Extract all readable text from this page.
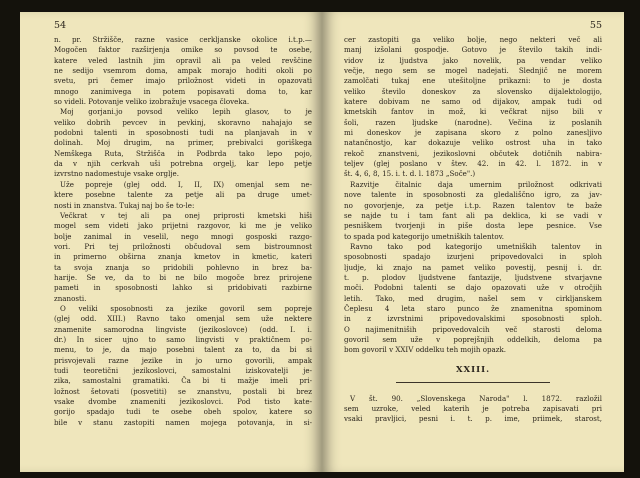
54
n. pr. Stržišče, razne vasice cerkljanske okolice i.t.p.—
Mogočen faktor razširjenja omike so povsod te osebe,
katere veled lastnih jim opravil ali pa veled revščine
ne sedijo vsemrom doma, ampak morajo hoditi okoli po
svetu, pri čemer imajo priložnost videti in opazovati
mnogo zanimivega in potem popisavati doma to, kar
so videli. Potovanje veliko izobražuje vsacega človeka.
Moj gorjani.jo povsod veliko lepih glasov, to je
veliko dobrih pevcev in pevkinj, skoravno nahajajo se
podobni talenti in sposobnosti tudi na planjavah in v
dolinah. Moj drugim, na primer, prebivalci goriškega
Nemškega Ruta, Stržišča in Podbrda tako lepo pojo,
da v njih cerkvah uši potrebna orgelj, kar lepo petje
izvrstno nadomestuje vsake orglje.
Uže popreje (glej odd. I, II, IX) omenjal sem ne-
ktere posebne talente za petje ali pa druge umet-
nosti in znanstva. Tukaj naj bo še to-le:
Večkrat v tej ali pa onej priprosti kmetski hiši
mogel sem videti jako prijetni razgovor, ki me je veliko
bolje zanimal in veselil, nego mnogi gosposki razgo-
vori. Pri tej priložnosti občudoval sem bistroumnost
in primerno obširna znanja kmetov in kmetic, kateri
ta svoja znanja so pridobili pohlevno in brez ba-
harije. Se ve, da to bi ne bilo mogoče brez prirojene
pameti in sposobnosti lahko si pridobivati razbirne
znanosti.
O veliki sposobnosti za jezike govoril sem popreje
(glej odd. XIII.) Ravno tako omenjal sem uže nektere
znamenite samorodna lingviste (jezikoslovce) (odd. I. i.
dr.) In sicer ujno to samo lingvisti v praktičnem po-
menu, to je, da majo posebni talent za to, da bi si
prisvojevali razne jezike in jo urno govorili, ampak
tudi teoretični jezikoslovci, samostalni iziskovatelji je-
zika, samostalni gramatiki. Ča bi ti mažje imeli pri-
ložnost šetovati (posvetiti) se znanstvu, postali bi brez
vsake dvombe znameniti jezikoslovci. Pod tisto kate-
gorijo spadajo tudi te osebe obeh spolov, katere so
bile v stanu zastopiti namen mojega potovanja, in si-
55
cer zastopiti ga veliko bolje, nego nekteri več ali
manj izšolani gospodje. Gotovo je število takih indi-
vidov iz ljudstva jako novelik, pa vendar veliko
večje, nego sem se mogel nadejati. Slednjič ne morem
zamolčati tukaj ene utešitoljne prikazni: to je dosta
veliko število doneskov za slovensko dijalektologijo,
katere dobivam ne samo od dijakov, ampak tudi od
kmetskih fantov in mož, ki večkrat nijso bili v
šoli, razen ljudske (narodne). Večina iz poslanih
mi doneskov je zapisana skoro z polno zanesljivo
natančnostjo, kar dokazuje veliko ostrost uha in tako
rekoč znanstveni, jezikoslovni občutek dotičnih nabira-
teljev (glej poslano v štev. 42. in 42. l. 1872. in v
št. 4, 6, 8, 15. i. t. d. l. 1873 „Soče".)
Razvitje čitalnic daja umernim priložnost odkrivati
nove talente in sposobnosti za gledališčno igro, za jav-
no govorjenje, za petje i.t.p. Razen talentov te baže
se najde tu i tam fant ali pa deklica, ki se vadi v
pesniškem tvorjenji in piše dosta lepe pesnice. Vse
to spada pod kategorijo umetniških talentov.
Ravno tako pod kategorijo umetniških talentov in
sposobnosti spadajo izurjeni pripovedovalci in sploh
ljudje, ki znajo na pamet veliko povestij, pesnij i. dr.
t. p. plodov ljudstvene fantazije, ljudstvene stvarjavne
moči. Podobni talenti se dajo opazovati uže v otročjih
letih. Tako, med drugim, našel sem v cirkljanskem
Čeplesu 4 leta staro punco že znamenitna spominom
in z izvrstnimi pripovedovalskimi sposobnosti sploh.
O najimenitniših pripovedovalcih več starosti deloma
govoril sem uže v poprejšnjih oddelkih, deloma pa
bom govoril v XXIV oddelku teh mojih opazk.
XXIII.
V št. 90. „Slovenskega Naroda" l. 1872. razložil
sem uzroke, veled katerih je potreba zapisavati pri
vsaki pravljici, pesni i. t. p. ime, priimek, starost,
